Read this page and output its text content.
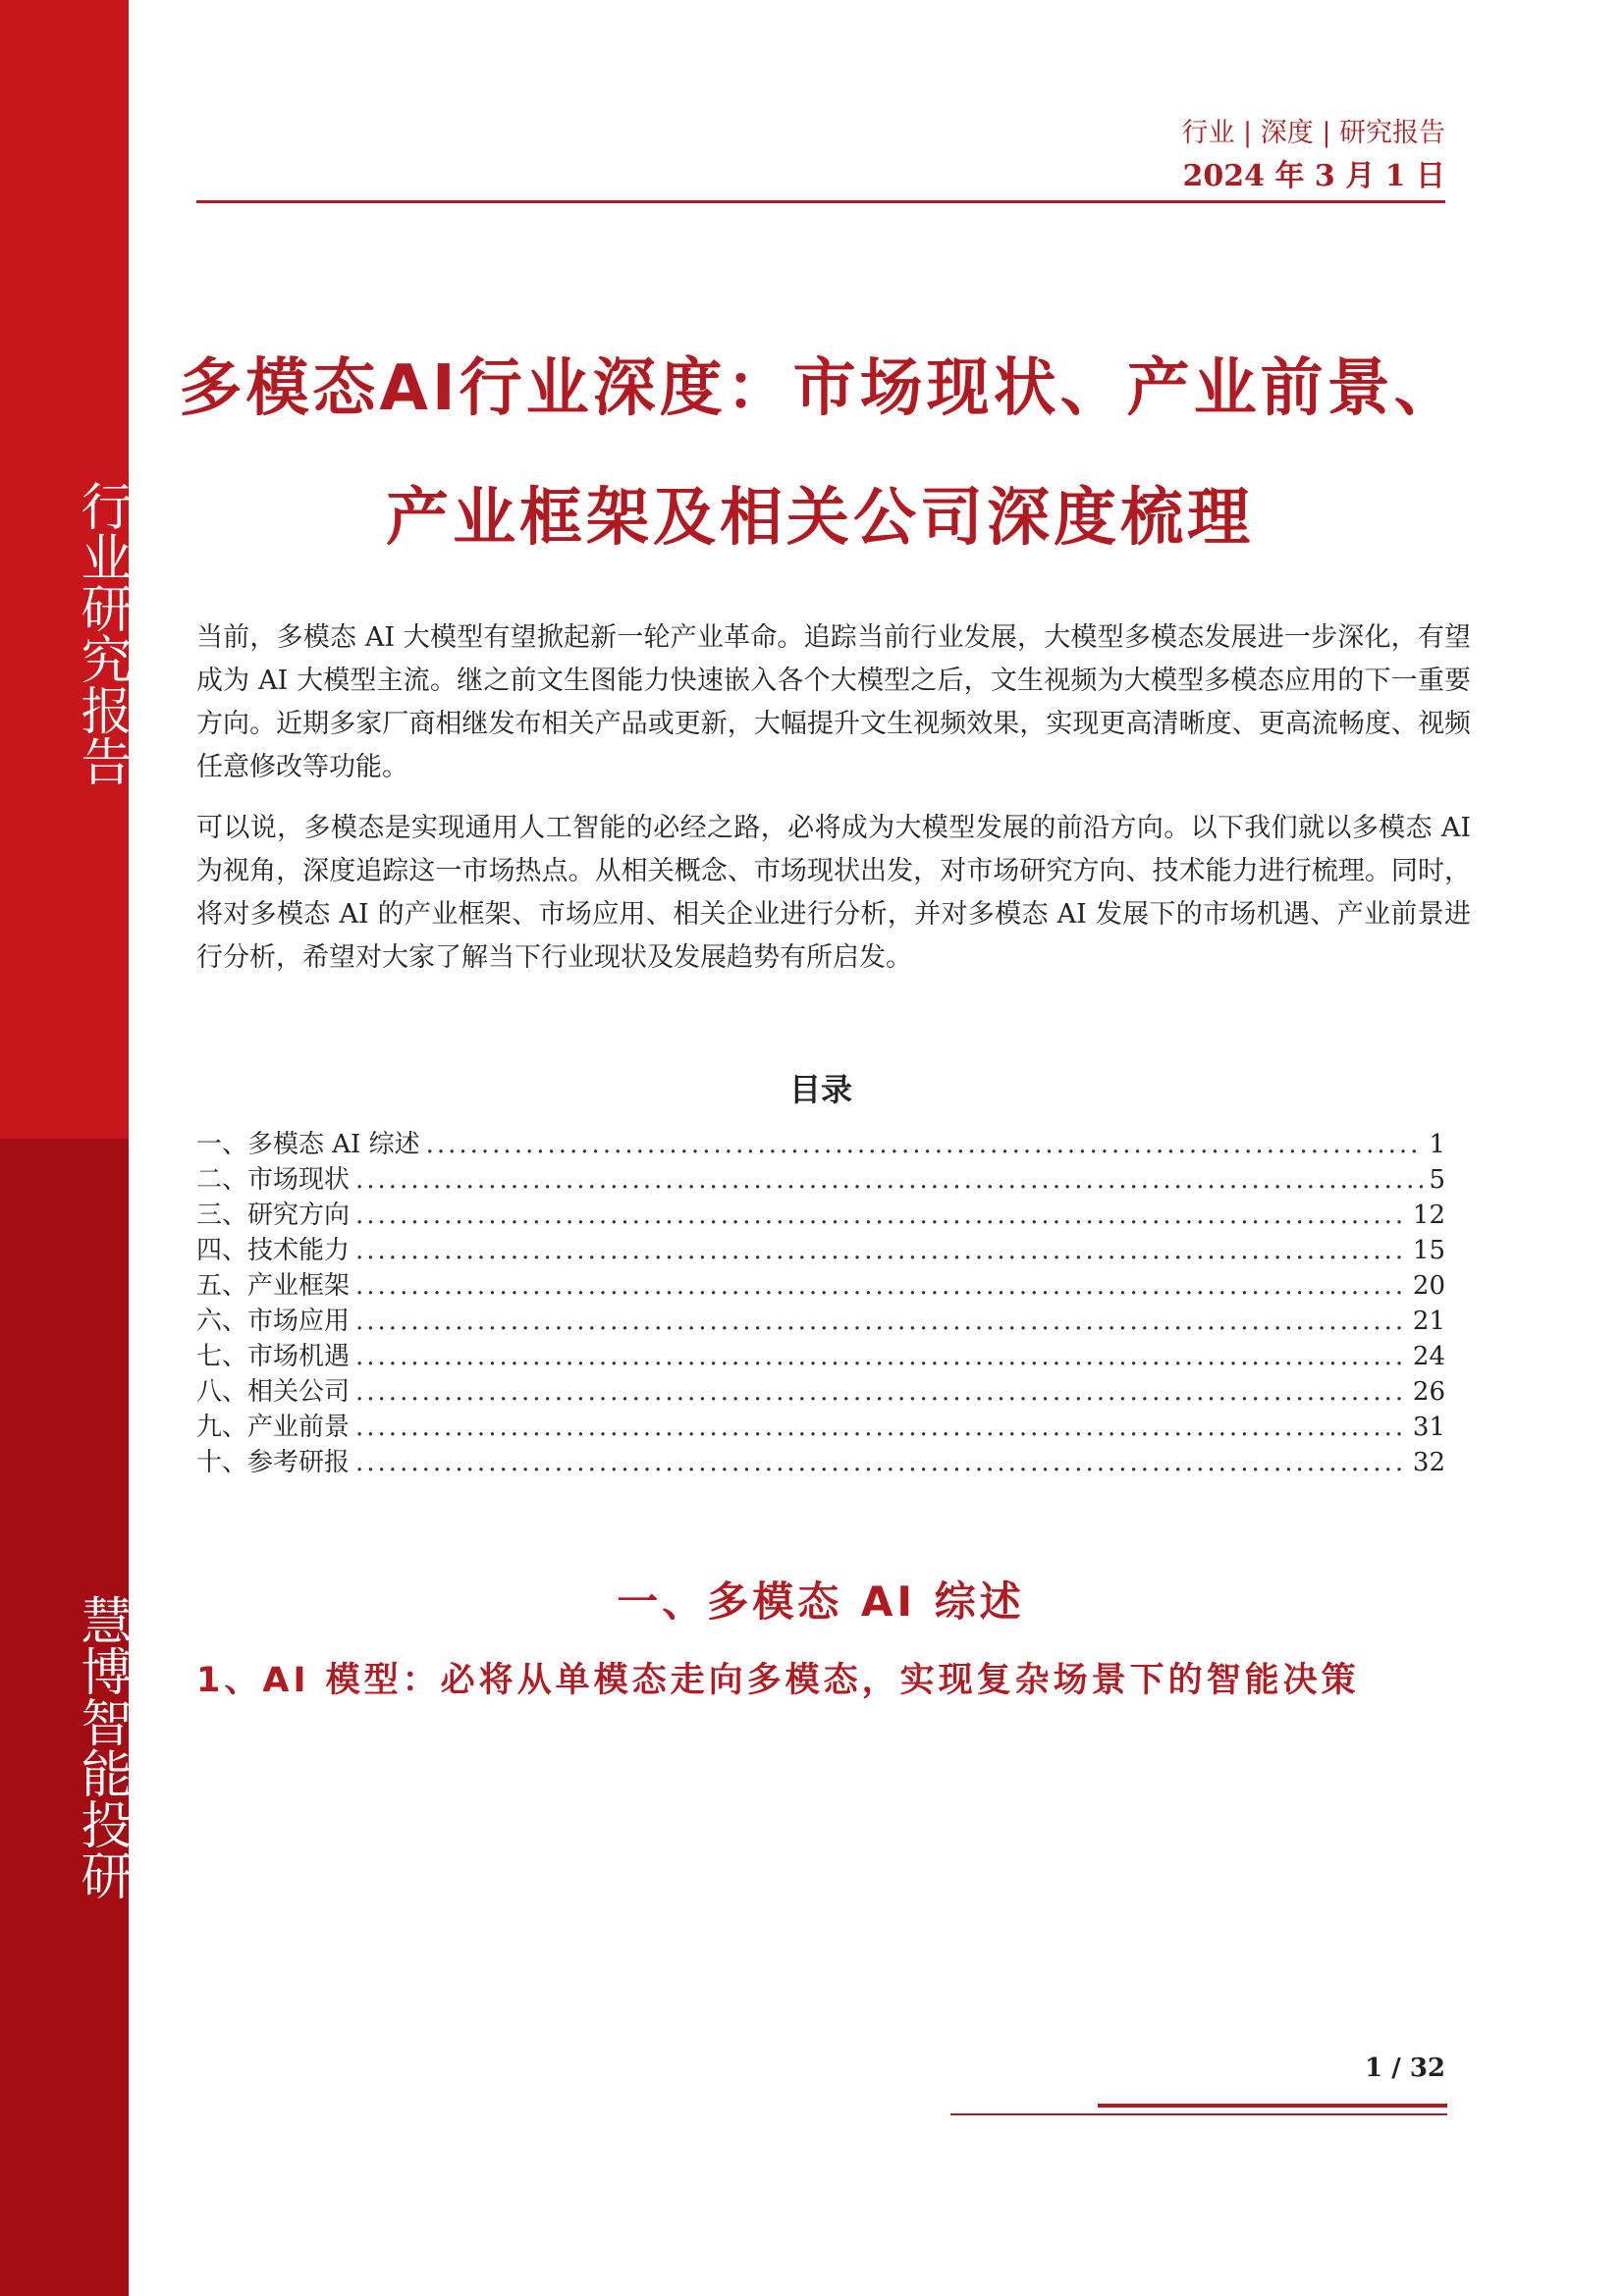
行业研究报告
慧博智能投研
行业 | 深度 | 研究报告
2024 年 3 月 1 日
多模态AI行业深度：市场现状、产业前景、
产业框架及相关公司深度梳理
当前，多模态 AI 大模型有望掀起新一轮产业革命。追踪当前行业发展，大模型多模态发展进一步深化，有望成为 AI 大模型主流。继之前文生图能力快速嵌入各个大模型之后，文生视频为大模型多模态应用的下一重要方向。近期多家厂商相继发布相关产品或更新，大幅提升文生视频效果，实现更高清晰度、更高流畅度、视频任意修改等功能。
可以说，多模态是实现通用人工智能的必经之路，必将成为大模型发展的前沿方向。以下我们就以多模态 AI 为视角，深度追踪这一市场热点。从相关概念、市场现状出发，对市场研究方向、技术能力进行梳理。同时，将对多模态 AI 的产业框架、市场应用、相关企业进行分析，并对多模态 AI 发展下的市场机遇、产业前景进行分析，希望对大家了解当下行业现状及发展趋势有所启发。
目录
一、多模态 AI 综述 .....	1
二、市场现状 .....	5
三、研究方向 .....	12
四、技术能力 .....	15
五、产业框架 .....	20
六、市场应用 .....	21
七、市场机遇 .....	24
八、相关公司 .....	26
九、产业前景 .....	31
十、参考研报 .....	32
一、多模态 AI 综述
1、AI 模型：必将从单模态走向多模态，实现复杂场景下的智能决策
1 / 32
